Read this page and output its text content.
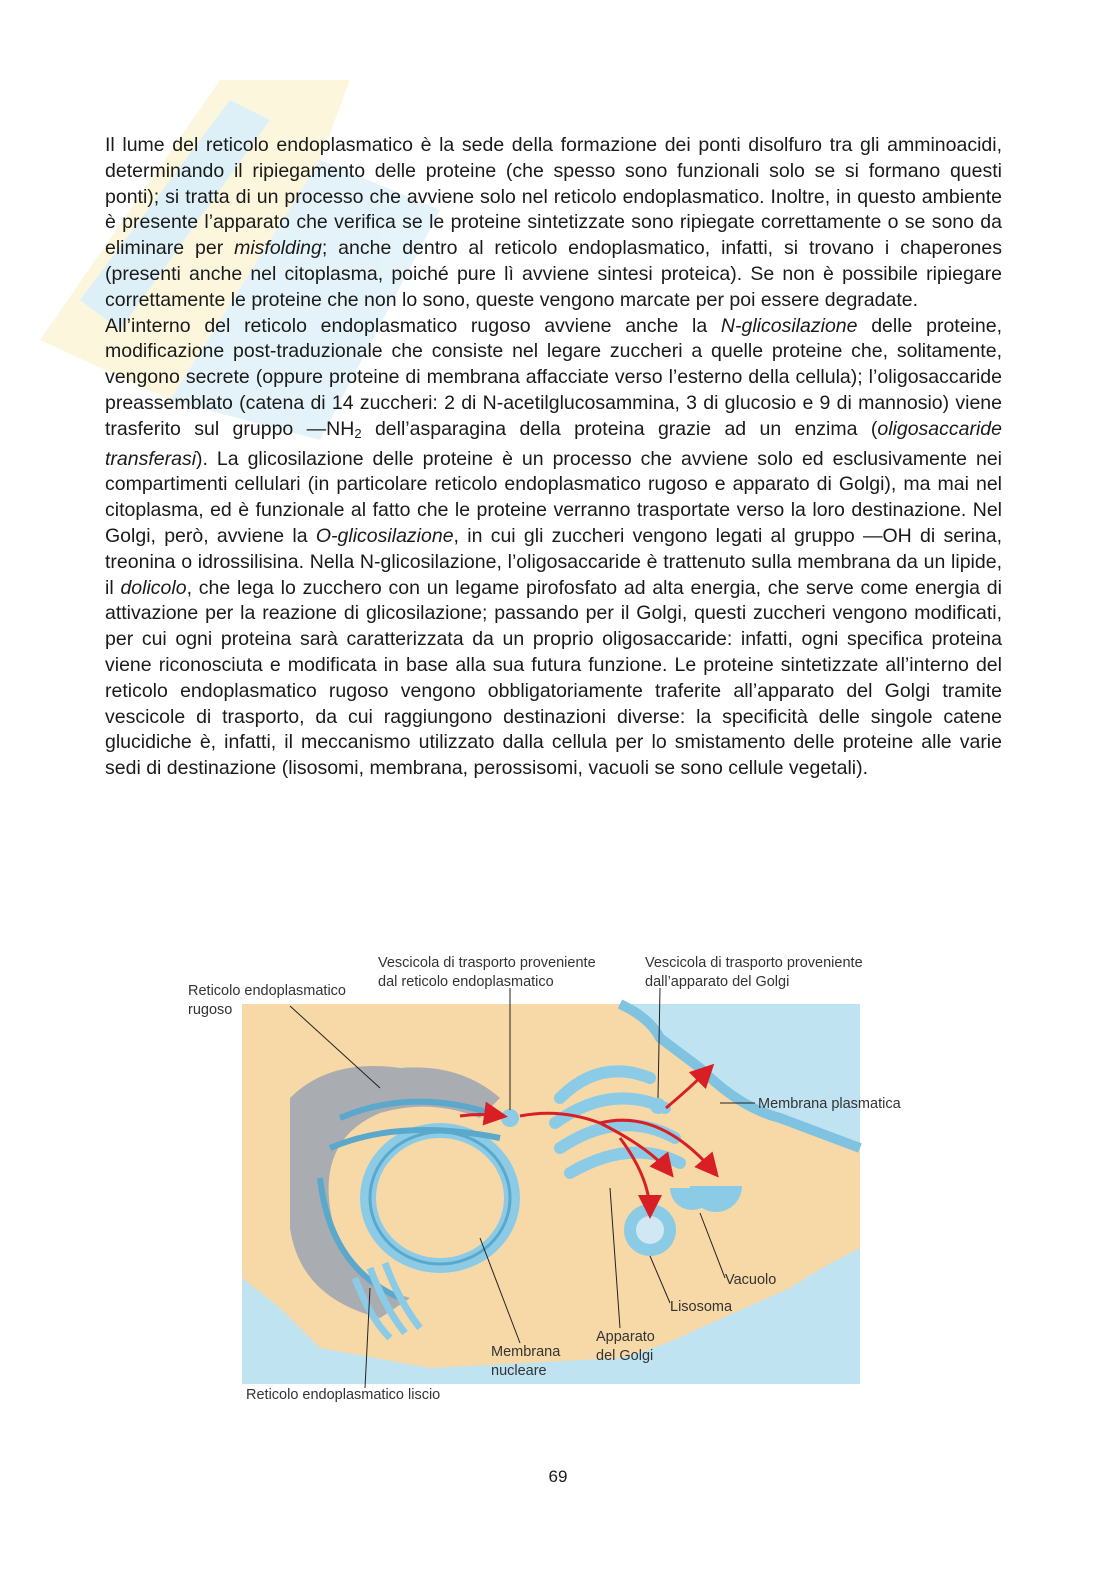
Il lume del reticolo endoplasmatico è la sede della formazione dei ponti disolfuro tra gli amminoacidi, determinando il ripiegamento delle proteine (che spesso sono funzionali solo se si formano questi ponti); si tratta di un processo che avviene solo nel reticolo endoplasmatico. Inoltre, in questo ambiente è presente l’apparato che verifica se le proteine sintetizzate sono ripiegate correttamente o se sono da eliminare per misfolding; anche dentro al reticolo endoplasmatico, infatti, si trovano i chaperones (presenti anche nel citoplasma, poiché pure lì avviene sintesi proteica). Se non è possibile ripiegare correttamente le proteine che non lo sono, queste vengono marcate per poi essere degradate.

All’interno del reticolo endoplasmatico rugoso avviene anche la N-glicosilazione delle proteine, modificazione post-traduzionale che consiste nel legare zuccheri a quelle proteine che, solitamente, vengono secrete (oppure proteine di membrana affacciate verso l’esterno della cellula); l’oligosaccaride preassemblato (catena di 14 zuccheri: 2 di N-acetilglucosammina, 3 di glucosio e 9 di mannosio) viene trasferito sul gruppo $—NH_2$ dell’asparagina della proteina grazie ad un enzima (oligosaccaride transferasi). La glicosilazione delle proteine è un processo che avviene solo ed esclusivamente nei compartimenti cellulari (in particolare reticolo endoplasmatico rugoso e apparato di Golgi), ma mai nel citoplasma, ed è funzionale al fatto che le proteine verranno trasportate verso la loro destinazione. Nel Golgi, però, avviene la O-glicosilazione, in cui gli zuccheri vengono legati al gruppo —OH di serina, treonina o idrossilisina. Nella N-glicosilazione, l’oligosaccaride è trattenuto sulla membrana da un lipide, il dolicolo, che lega lo zucchero con un legame pirofosfato ad alta energia, che serve come energia di attivazione per la reazione di glicosilazione; passando per il Golgi, questi zuccheri vengono modificati, per cui ogni proteina sarà caratterizzata da un proprio oligosaccaride: infatti, ogni specifica proteina viene riconosciuta e modificata in base alla sua futura funzione. Le proteine sintetizzate all’interno del reticolo endoplasmatico rugoso vengono obbligatoriamente traferite all’apparato del Golgi tramite vescicole di trasporto, da cui raggiungono destinazioni diverse: la specificità delle singole catene glucidiche è, infatti, il meccanismo utilizzato dalla cellula per lo smistamento delle proteine alle varie sedi di destinazione (lisosomi, membrana, perossisomi, vacuoli se sono cellule vegetali).

Reticolo endoplasmatico
rugoso
Vescicola di trasporto proveniente
dal reticolo endoplasmatico
Vescicola di trasporto proveniente
dall’apparato del Golgi
Membrana plasmatica
Vacuolo
Lisosoma
Apparato
del Golgi
Membrana
nucleare
Reticolo endoplasmatico liscio
69
